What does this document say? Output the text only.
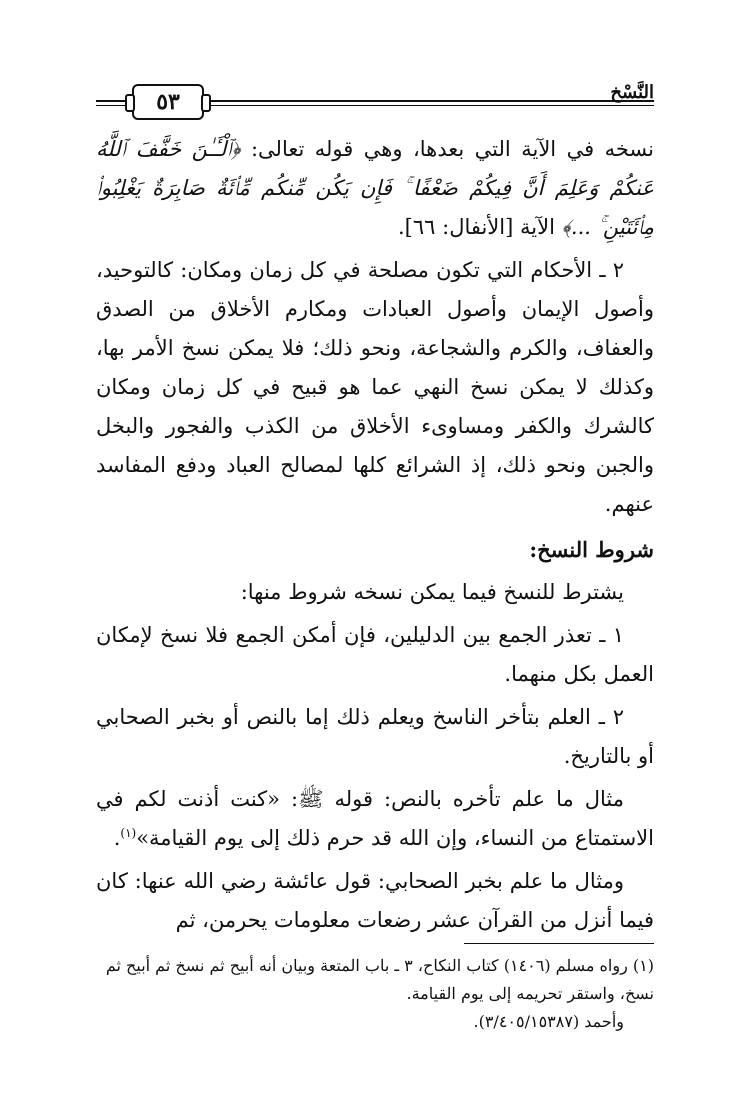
النَّسْخ
٥٣

نسخه في الآية التي بعدها، وهي قوله تعالى: ﴿ٱلْـَٔـٰنَ خَفَّفَ ٱللَّهُ عَنكُمْ وَعَلِمَ أَنَّ فِيكُمْ ضَعْفًا ۚ فَإِن يَكُن مِّنكُم مِّا۟ئَةٌ صَابِرَةٌ يَغْلِبُوا۟ مِا۟ئَتَيْنِ ۚ ...﴾ الآية [الأنفال: ٦٦].

٢ ـ الأحكام التي تكون مصلحة في كل زمان ومكان: كالتوحيد، وأصول الإيمان وأصول العبادات ومكارم الأخلاق من الصدق والعفاف، والكرم والشجاعة، ونحو ذلك؛ فلا يمكن نسخ الأمر بها، وكذلك لا يمكن نسخ النهي عما هو قبيح في كل زمان ومكان كالشرك والكفر ومساوىء الأخلاق من الكذب والفجور والبخل والجبن ونحو ذلك، إذ الشرائع كلها لمصالح العباد ودفع المفاسد عنهم.

شروط النسخ:

يشترط للنسخ فيما يمكن نسخه شروط منها:

١ ـ تعذر الجمع بين الدليلين، فإن أمكن الجمع فلا نسخ لإمكان العمل بكل منهما.

٢ ـ العلم بتأخر الناسخ ويعلم ذلك إما بالنص أو بخبر الصحابي أو بالتاريخ.

مثال ما علم تأخره بالنص: قوله ﷺ: «كنت أذنت لكم في الاستمتاع من النساء، وإن الله قد حرم ذلك إلى يوم القيامة»$^{(١)}$.

ومثال ما علم بخبر الصحابي: قول عائشة رضي الله عنها: كان فيما أنزل من القرآن عشر رضعات معلومات يحرمن، ثم

(١) رواه مسلم (١٤٠٦) كتاب النكاح، ٣ ـ باب المتعة وبيان أنه أبيح ثم نسخ ثم أبيح ثم نسخ، واستقر تحريمه إلى يوم القيامة.

وأحمد (٣/٤٠٥/١٥٣٨٧).
